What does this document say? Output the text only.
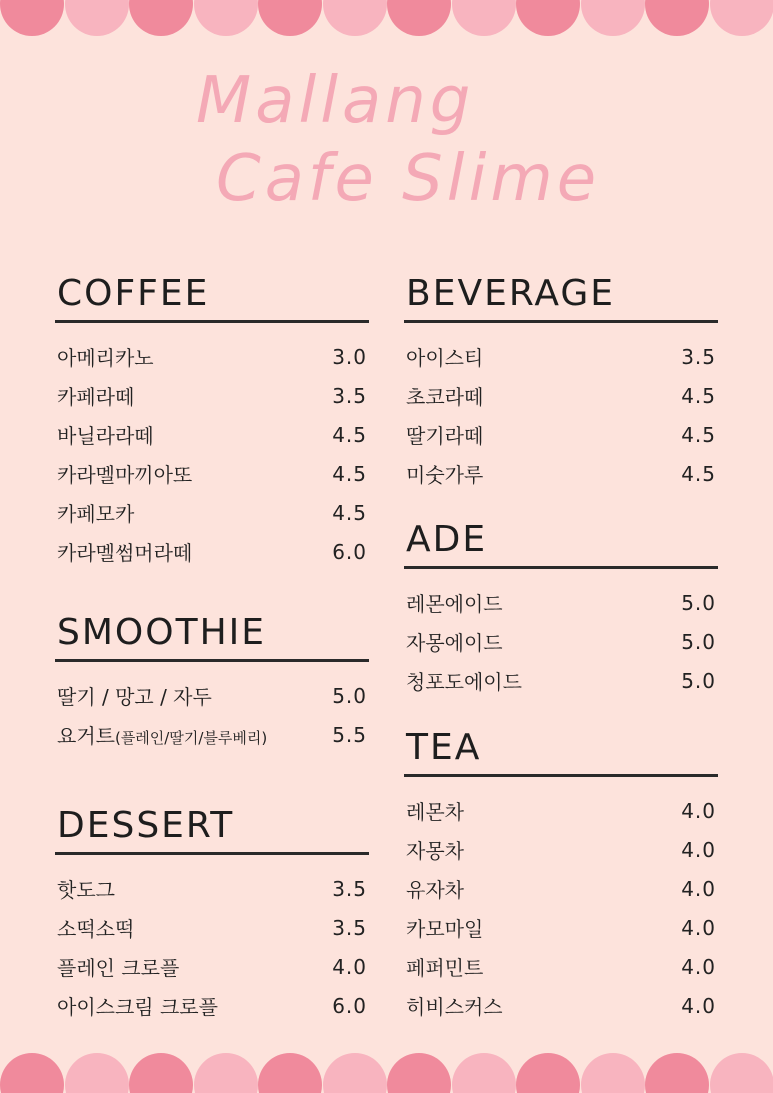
Mallang
Cafe Slime
COFFEE
아메리카노	3.0
카페라떼	3.5
바닐라라떼	4.5
카라멜마끼아또	4.5
카페모카	4.5
카라멜썸머라떼	6.0
SMOOTHIE
딸기 / 망고 / 자두	5.0
요거트(플레인/딸기/블루베리)	5.5
DESSERT
핫도그	3.5
소떡소떡	3.5
플레인 크로플	4.0
아이스크림 크로플	6.0
BEVERAGE
아이스티	3.5
초코라떼	4.5
딸기라떼	4.5
미숫가루	4.5
ADE
레몬에이드	5.0
자몽에이드	5.0
청포도에이드	5.0
TEA
레몬차	4.0
자몽차	4.0
유자차	4.0
카모마일	4.0
페퍼민트	4.0
히비스커스	4.0
